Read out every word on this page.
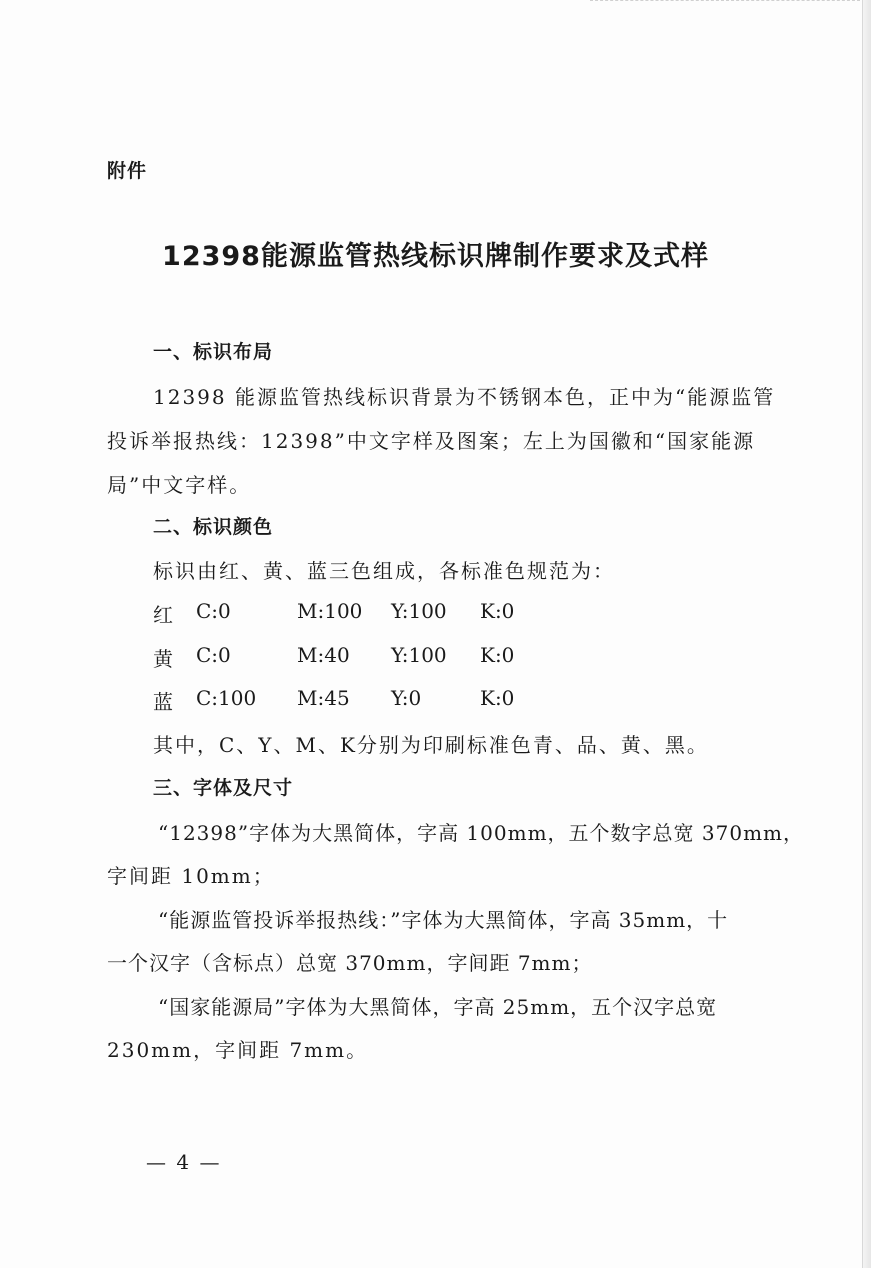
附件
12398能源监管热线标识牌制作要求及式样
一、标识布局
12398 能源监管热线标识背景为不锈钢本色，正中为“能源监管
投诉举报热线：12398”中文字样及图案；左上为国徽和“国家能源
局”中文字样。
二、标识颜色
标识由红、黄、蓝三色组成，各标准色规范为：
红 C:0	M:100 Y:100 K:0
黄 C:0	M:40 Y:100 K:0
蓝 C:100 M:45 Y:0	K:0
其中，C、Y、M、K分别为印刷标准色青、品、黄、黑。
三、字体及尺寸
“12398”字体为大黑简体，字高 100mm，五个数字总宽 370mm，
字间距 10mm；
“能源监管投诉举报热线：”字体为大黑简体，字高 35mm，十
一个汉字（含标点）总宽 370mm，字间距 7mm；
“国家能源局”字体为大黑简体，字高 25mm，五个汉字总宽
230mm，字间距 7mm。
— 4 —
